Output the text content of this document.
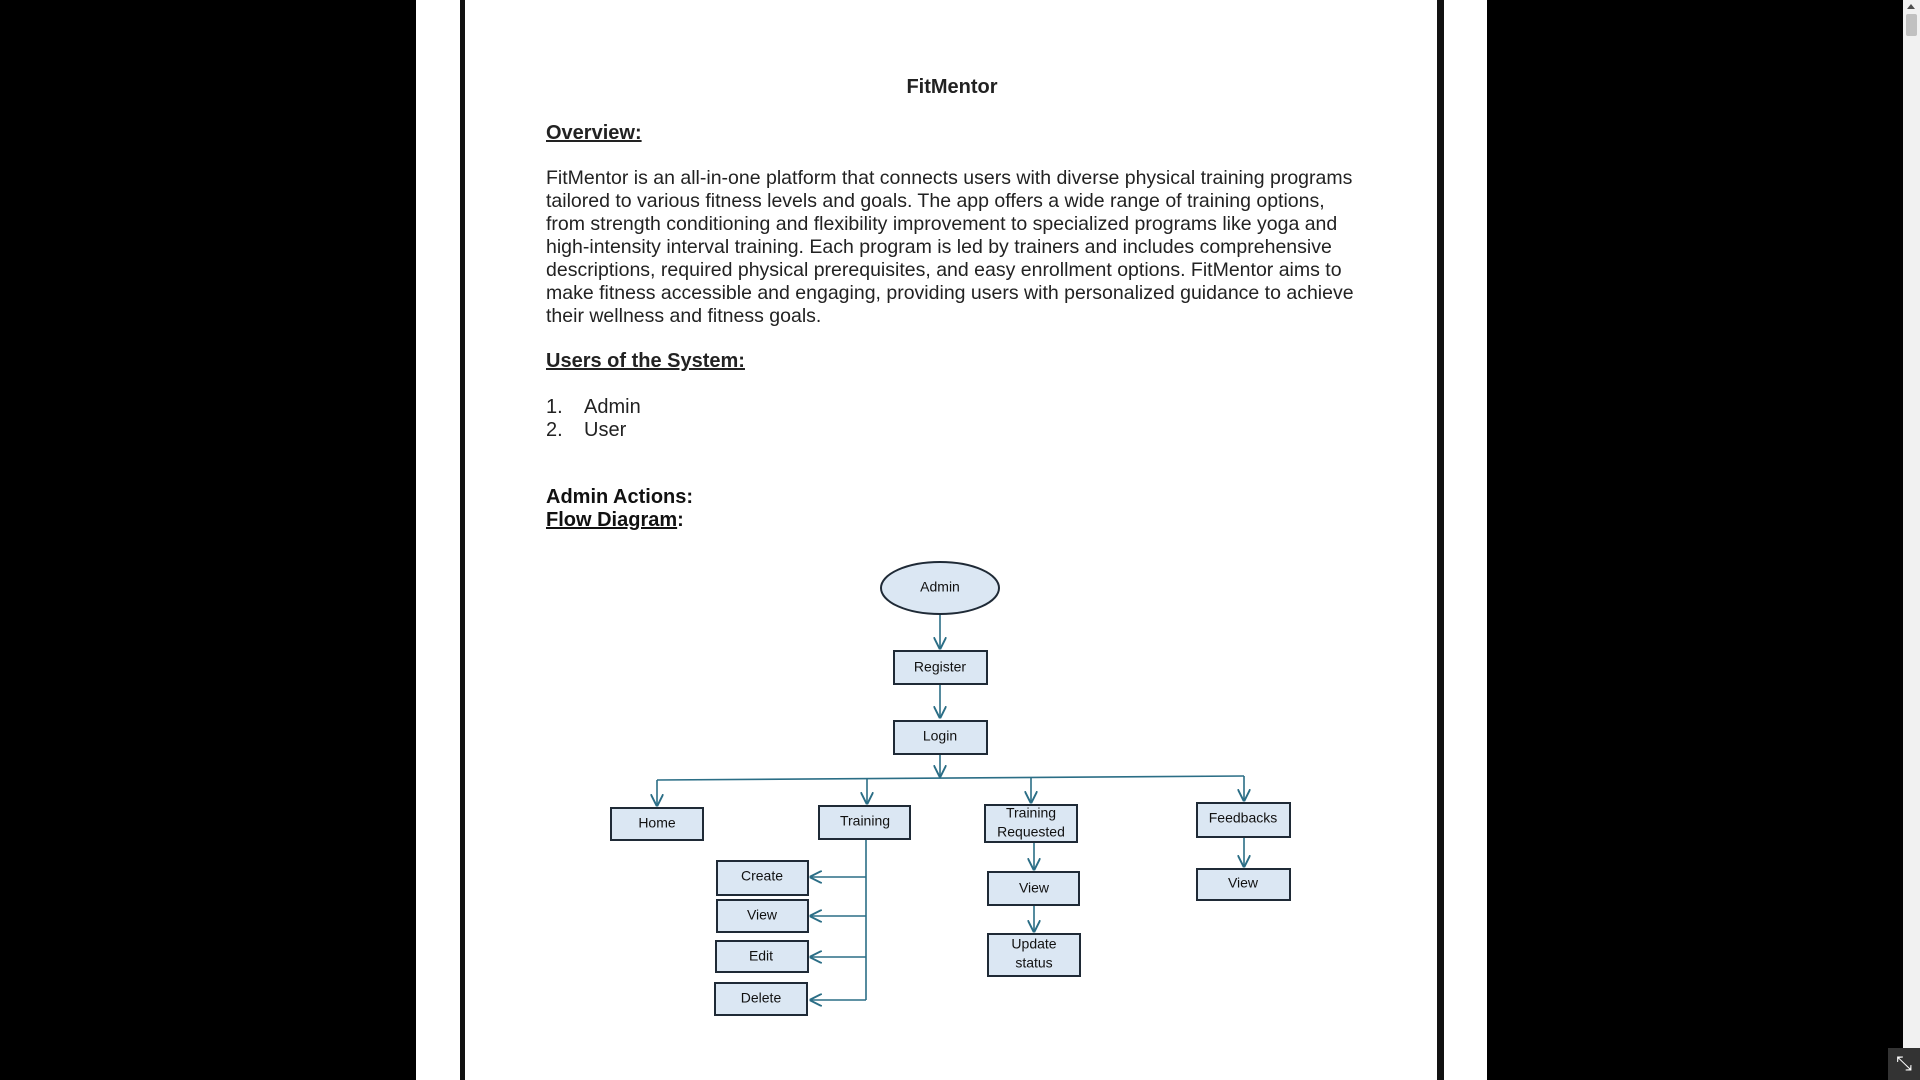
FitMentor
Overview:
FitMentor is an all-in-one platform that connects users with diverse physical training programs tailored to various fitness levels and goals. The app offers a wide range of training options, from strength conditioning and flexibility improvement to specialized programs like yoga and high-intensity interval training. Each program is led by trainers and includes comprehensive descriptions, required physical prerequisites, and easy enrollment options. FitMentor aims to make fitness accessible and engaging, providing users with personalized guidance to achieve their wellness and fitness goals.
Users of the System:
1. Admin
2. User
Admin Actions:
Flow Diagram:
Admin
Register
Login
Home	Training	Training
Requested
Feedbacks
Create
View
Edit
Delete
View
Update
status
View
⤡
